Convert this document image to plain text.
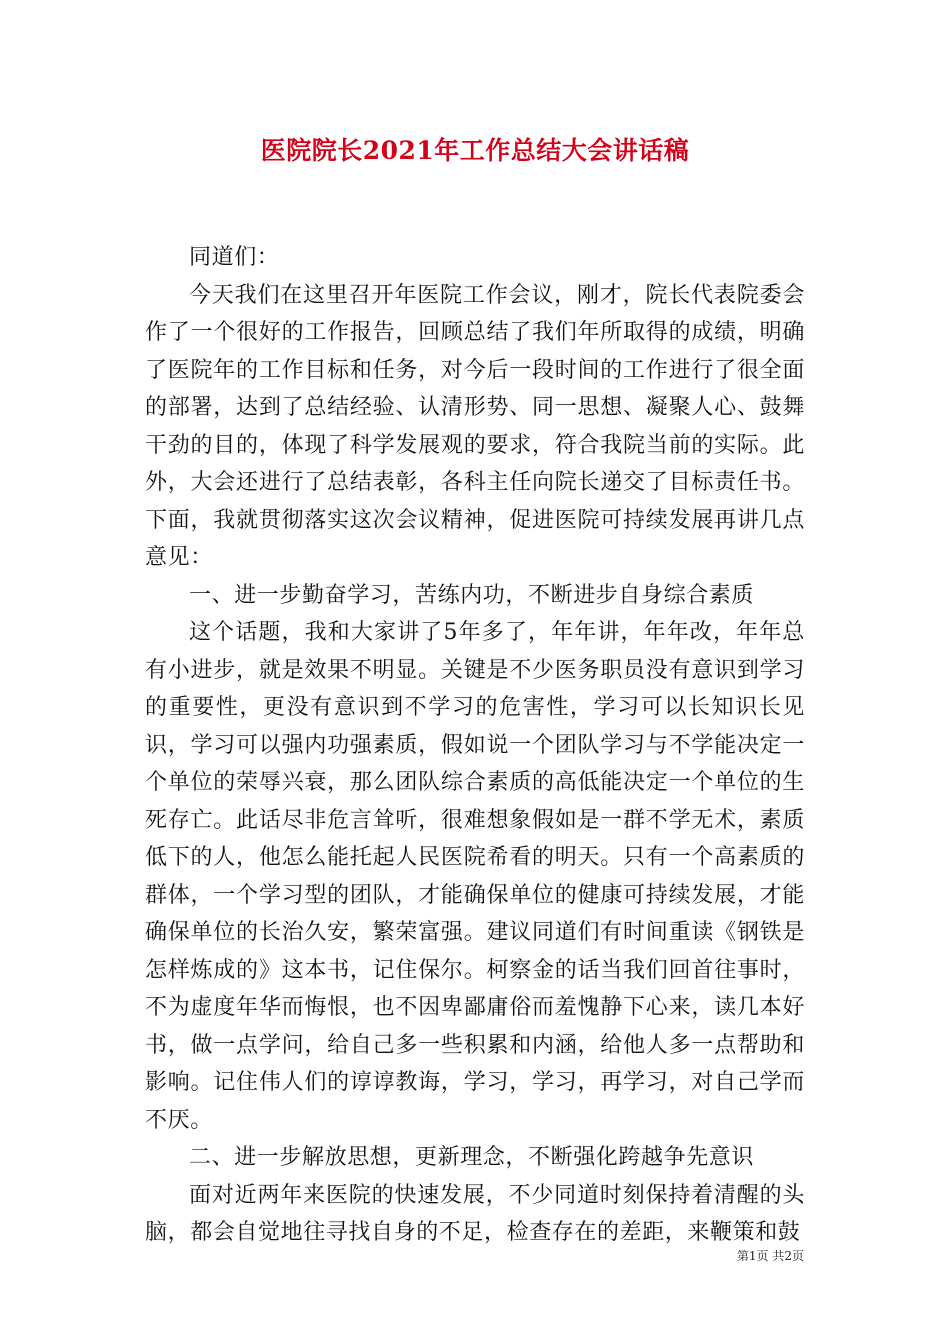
医院院长2021年工作总结大会讲话稿

同道们：

今天我们在这里召开年医院工作会议，刚才，院长代表院委会作了一个很好的工作报告，回顾总结了我们年所取得的成绩，明确了医院年的工作目标和任务，对今后一段时间的工作进行了很全面的部署，达到了总结经验、认清形势、同一思想、凝聚人心、鼓舞干劲的目的，体现了科学发展观的要求，符合我院当前的实际。此外，大会还进行了总结表彰，各科主任向院长递交了目标责任书。下面，我就贯彻落实这次会议精神，促进医院可持续发展再讲几点意见：

一、进一步勤奋学习，苦练内功，不断进步自身综合素质

这个话题，我和大家讲了5年多了，年年讲，年年改，年年总有小进步，就是效果不明显。关键是不少医务职员没有意识到学习的重要性，更没有意识到不学习的危害性，学习可以长知识长见识，学习可以强内功强素质，假如说一个团队学习与不学能决定一个单位的荣辱兴衰，那么团队综合素质的高低能决定一个单位的生死存亡。此话尽非危言耸听，很难想象假如是一群不学无术，素质低下的人，他怎么能托起人民医院希看的明天。只有一个高素质的群体，一个学习型的团队，才能确保单位的健康可持续发展，才能确保单位的长治久安，繁荣富强。建议同道们有时间重读《钢铁是怎样炼成的》这本书，记住保尔。柯察金的话当我们回首往事时，不为虚度年华而悔恨，也不因卑鄙庸俗而羞愧静下心来，读几本好书，做一点学问，给自己多一些积累和内涵，给他人多一点帮助和影响。记住伟人们的谆谆教诲，学习，学习，再学习，对自己学而不厌。

二、进一步解放思想，更新理念，不断强化跨越争先意识

面对近两年来医院的快速发展，不少同道时刻保持着清醒的头脑，都会自觉地往寻找自身的不足，检查存在的差距，来鞭策和鼓

第1页 共2页
